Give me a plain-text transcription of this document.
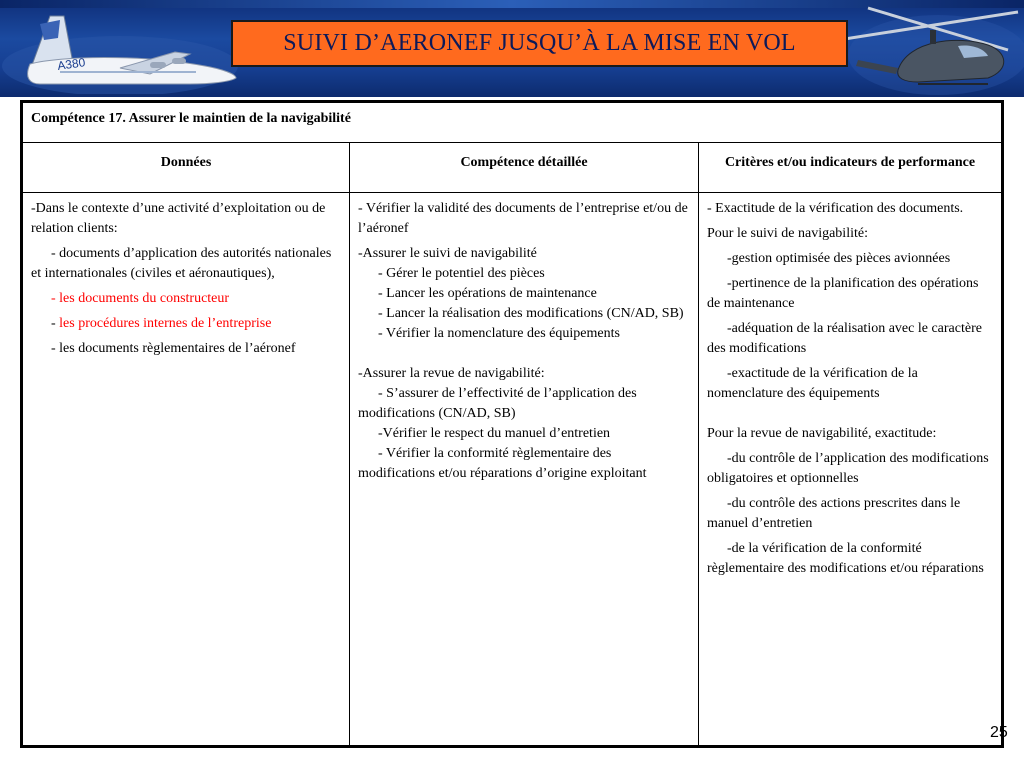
A380
SUIVI D’AERONEF JUSQU’À LA MISE EN VOL
Compétence 17. Assurer le maintien de la navigabilité
Données	Compétence détaillée	Critères et/ou indicateurs de performance

-Dans le contexte d’une activité d’exploitation ou de relation clients:

- documents d’application des autorités nationales et internationales (civiles et aéronautiques),

- les documents du constructeur

- les procédures internes de l’entreprise

- les documents règlementaires de l’aéronef

- Vérifier la validité des documents de l’entreprise et/ou de l’aéronef

-Assurer le suivi de navigabilité

- Gérer le potentiel des pièces

- Lancer les opérations de maintenance

- Lancer la réalisation des modifications (CN/AD, SB)

- Vérifier la nomenclature des équipements

-Assurer la revue de navigabilité:

- S’assurer de l’effectivité de l’application des modifications (CN/AD, SB)

-Vérifier le respect du manuel d’entretien

- Vérifier la conformité règlementaire des modifications et/ou réparations d’origine exploitant

- Exactitude de la vérification des documents.

Pour le suivi de navigabilité:

-gestion optimisée des pièces avionnées

-pertinence de la planification des opérations de maintenance

-adéquation de la réalisation avec le caractère des modifications

-exactitude de la vérification de la nomenclature des équipements

Pour la revue de navigabilité, exactitude:

-du contrôle de l’application des modifications obligatoires et optionnelles

-du contrôle des actions prescrites dans le manuel d’entretien

-de la vérification de la conformité règlementaire des modifications et/ou réparations

25
